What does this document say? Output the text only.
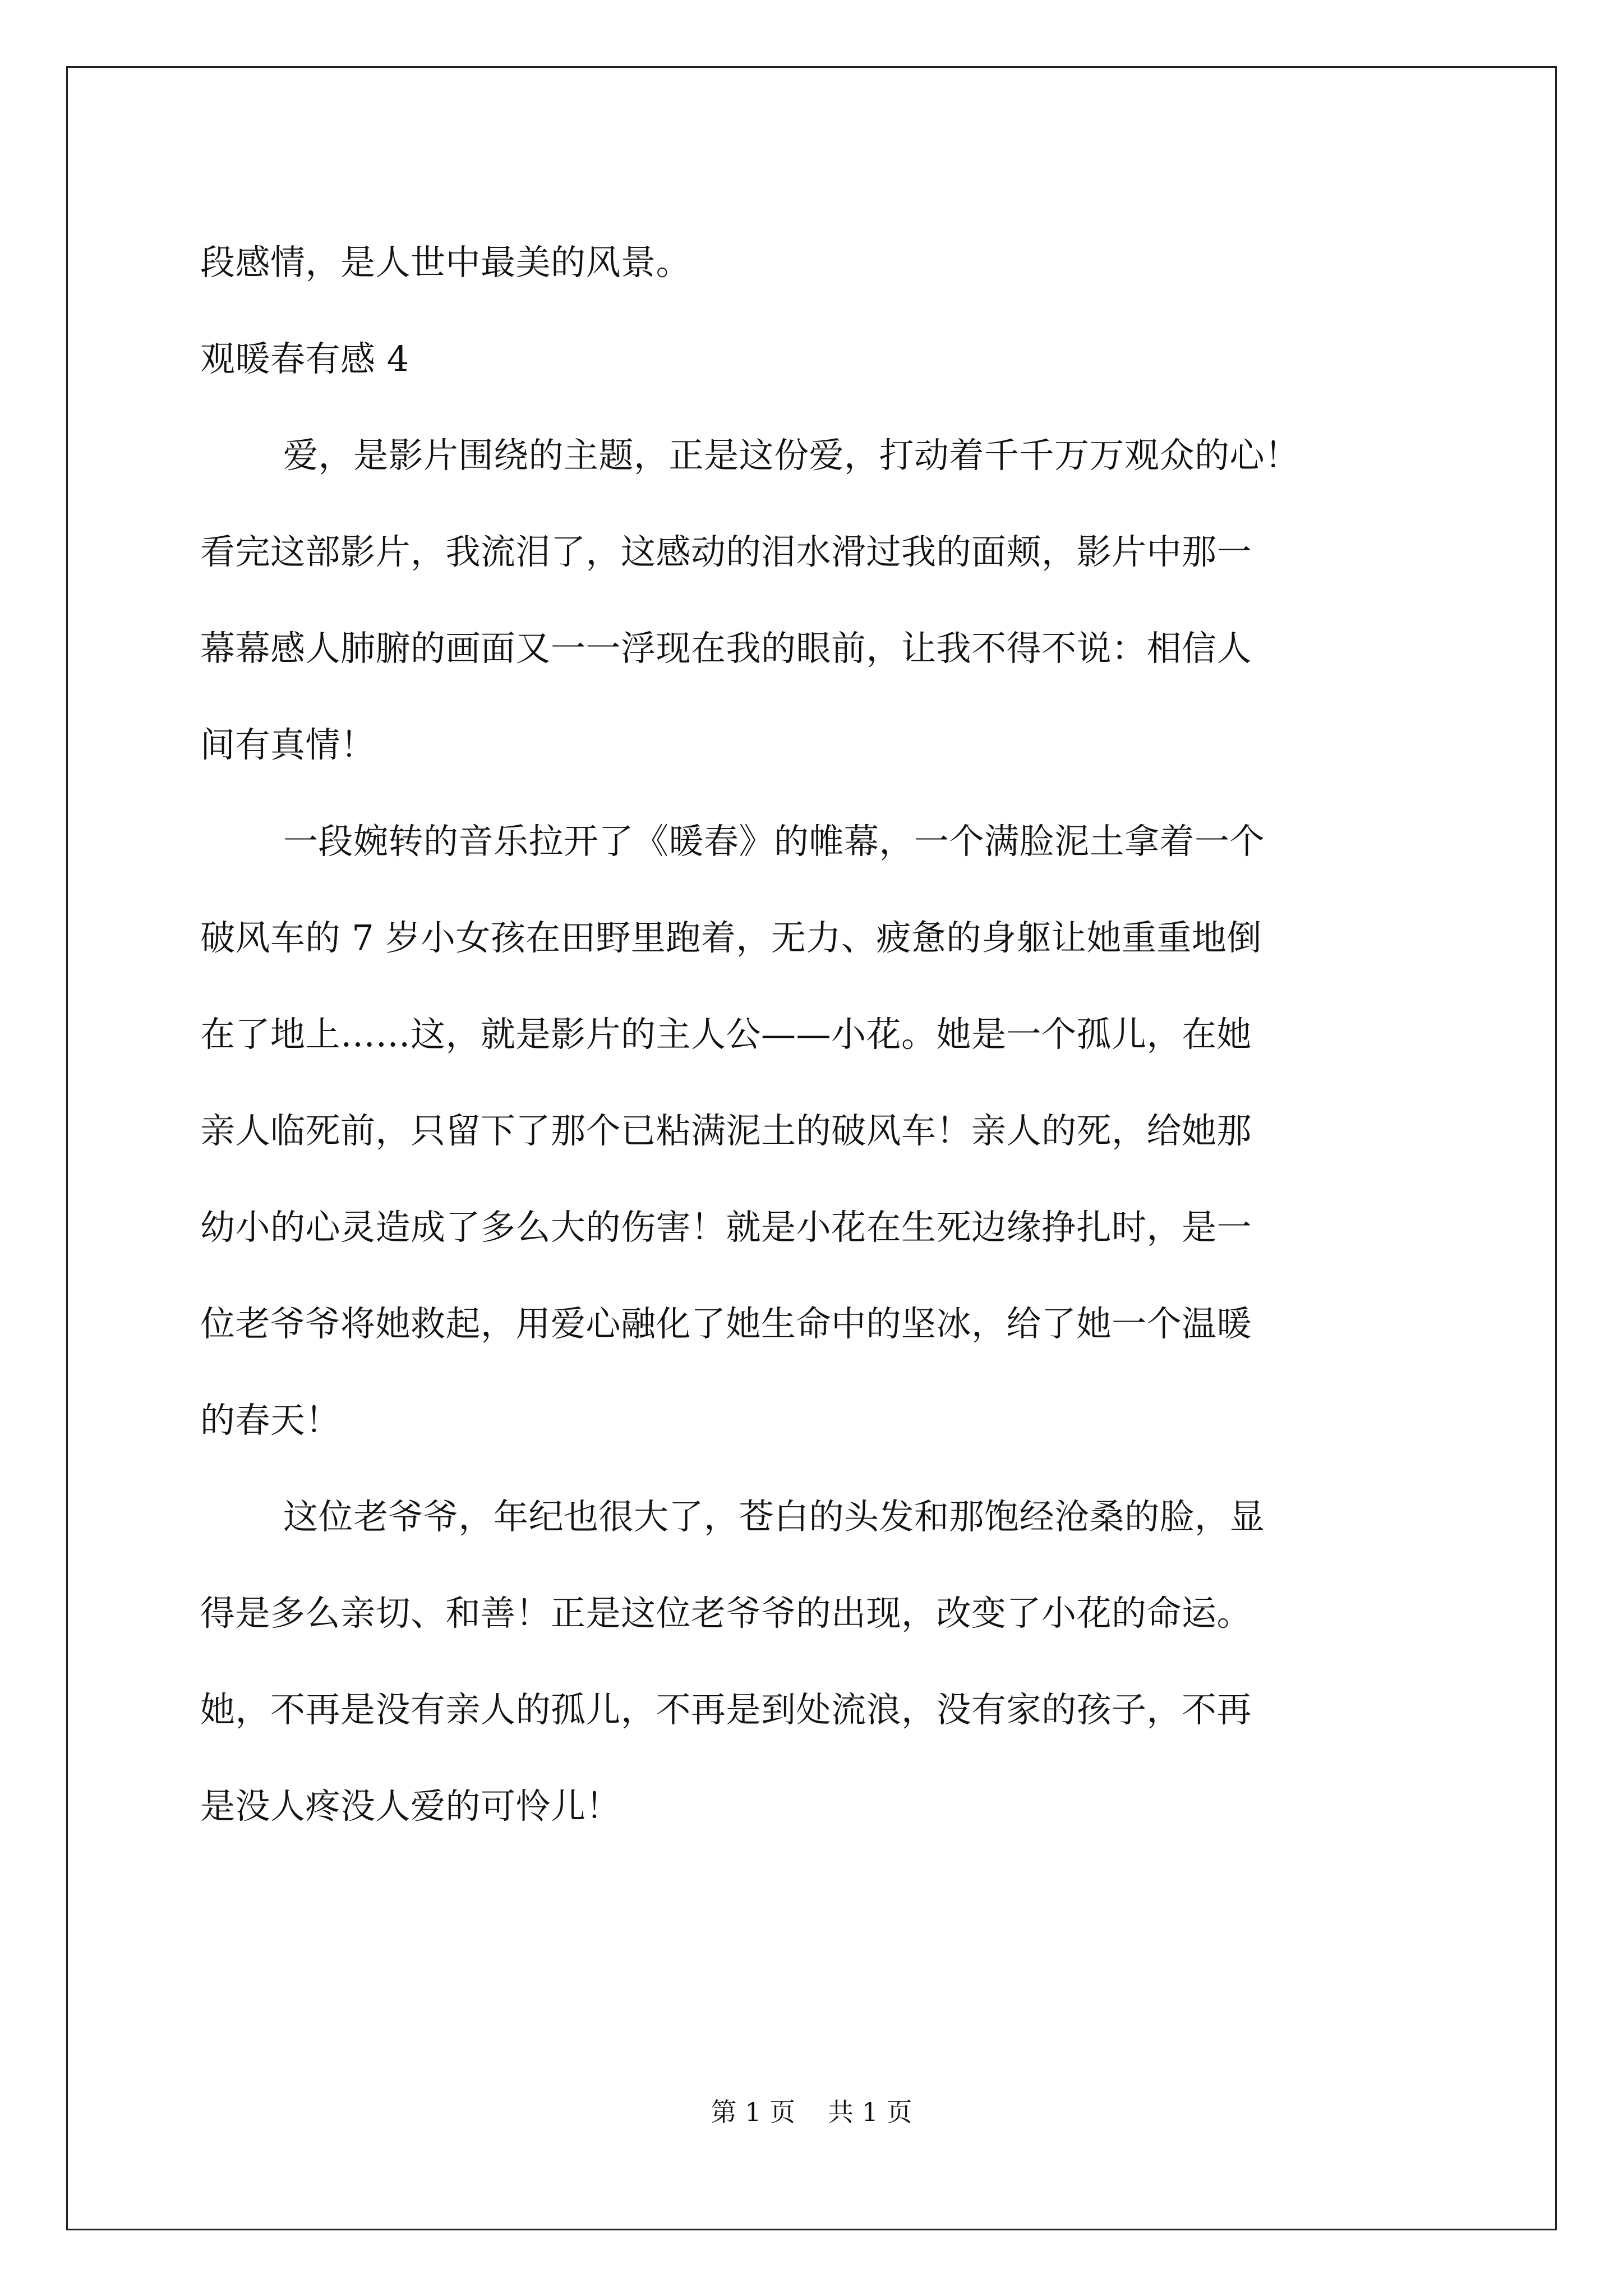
段感情，是人世中最美的风景。
观暖春有感 4
爱，是影片围绕的主题，正是这份爱，打动着千千万万观众的心！
看完这部影片，我流泪了，这感动的泪水滑过我的面颊，影片中那一
幕幕感人肺腑的画面又一一浮现在我的眼前，让我不得不说：相信人
间有真情！
一段婉转的音乐拉开了《暖春》的帷幕，一个满脸泥土拿着一个
破风车的 7 岁小女孩在田野里跑着，无力、疲惫的身躯让她重重地倒
在了地上……这，就是影片的主人公——小花。她是一个孤儿，在她
亲人临死前，只留下了那个已粘满泥土的破风车！亲人的死，给她那
幼小的心灵造成了多么大的伤害！就是小花在生死边缘挣扎时，是一
位老爷爷将她救起，用爱心融化了她生命中的坚冰，给了她一个温暖
的春天！
这位老爷爷，年纪也很大了，苍白的头发和那饱经沧桑的脸，显
得是多么亲切、和善！正是这位老爷爷的出现，改变了小花的命运。
她，不再是没有亲人的孤儿，不再是到处流浪，没有家的孩子，不再
是没人疼没人爱的可怜儿！
第 1 页 共 1 页
